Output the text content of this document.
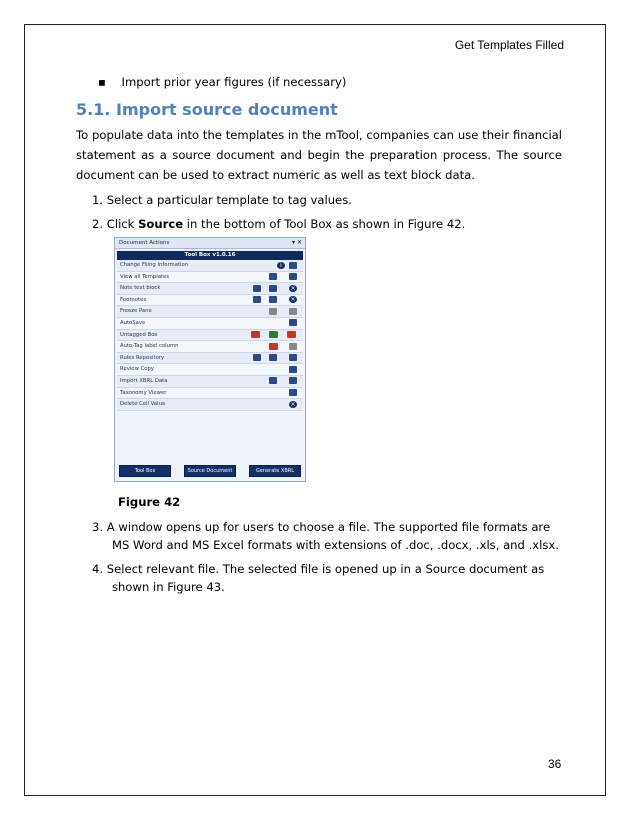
Get Templates Filled
▪ Import prior year figures (if necessary)
5.1. Import source document
To populate data into the templates in the mTool, companies can use their financial
statement as a source document and begin the preparation process. The source
document can be used to extract numeric as well as text block data.
1. Select a particular template to tag values.
2. Click Source in the bottom of Tool Box as shown in Figure 42.
Document Actions	▾ ✕
Tool Box v1.0.16
Change Filing Information	i
View all Templates
Note text block	×
Footnotes	×
Freeze Pane
AutoSave
Untagged Box
Auto-Tag label column
Rules Repository
Review Copy
Import XBRL Data
Taxonomy Viewer
Delete Cell Value	×
Tool Box	Source Document	Generate XBRL
Figure 42
3. A window opens up for users to choose a file. The supported file formats are
MS Word and MS Excel formats with extensions of .doc, .docx, .xls, and .xlsx.
4. Select relevant file. The selected file is opened up in a Source document as
shown in Figure 43.
36
